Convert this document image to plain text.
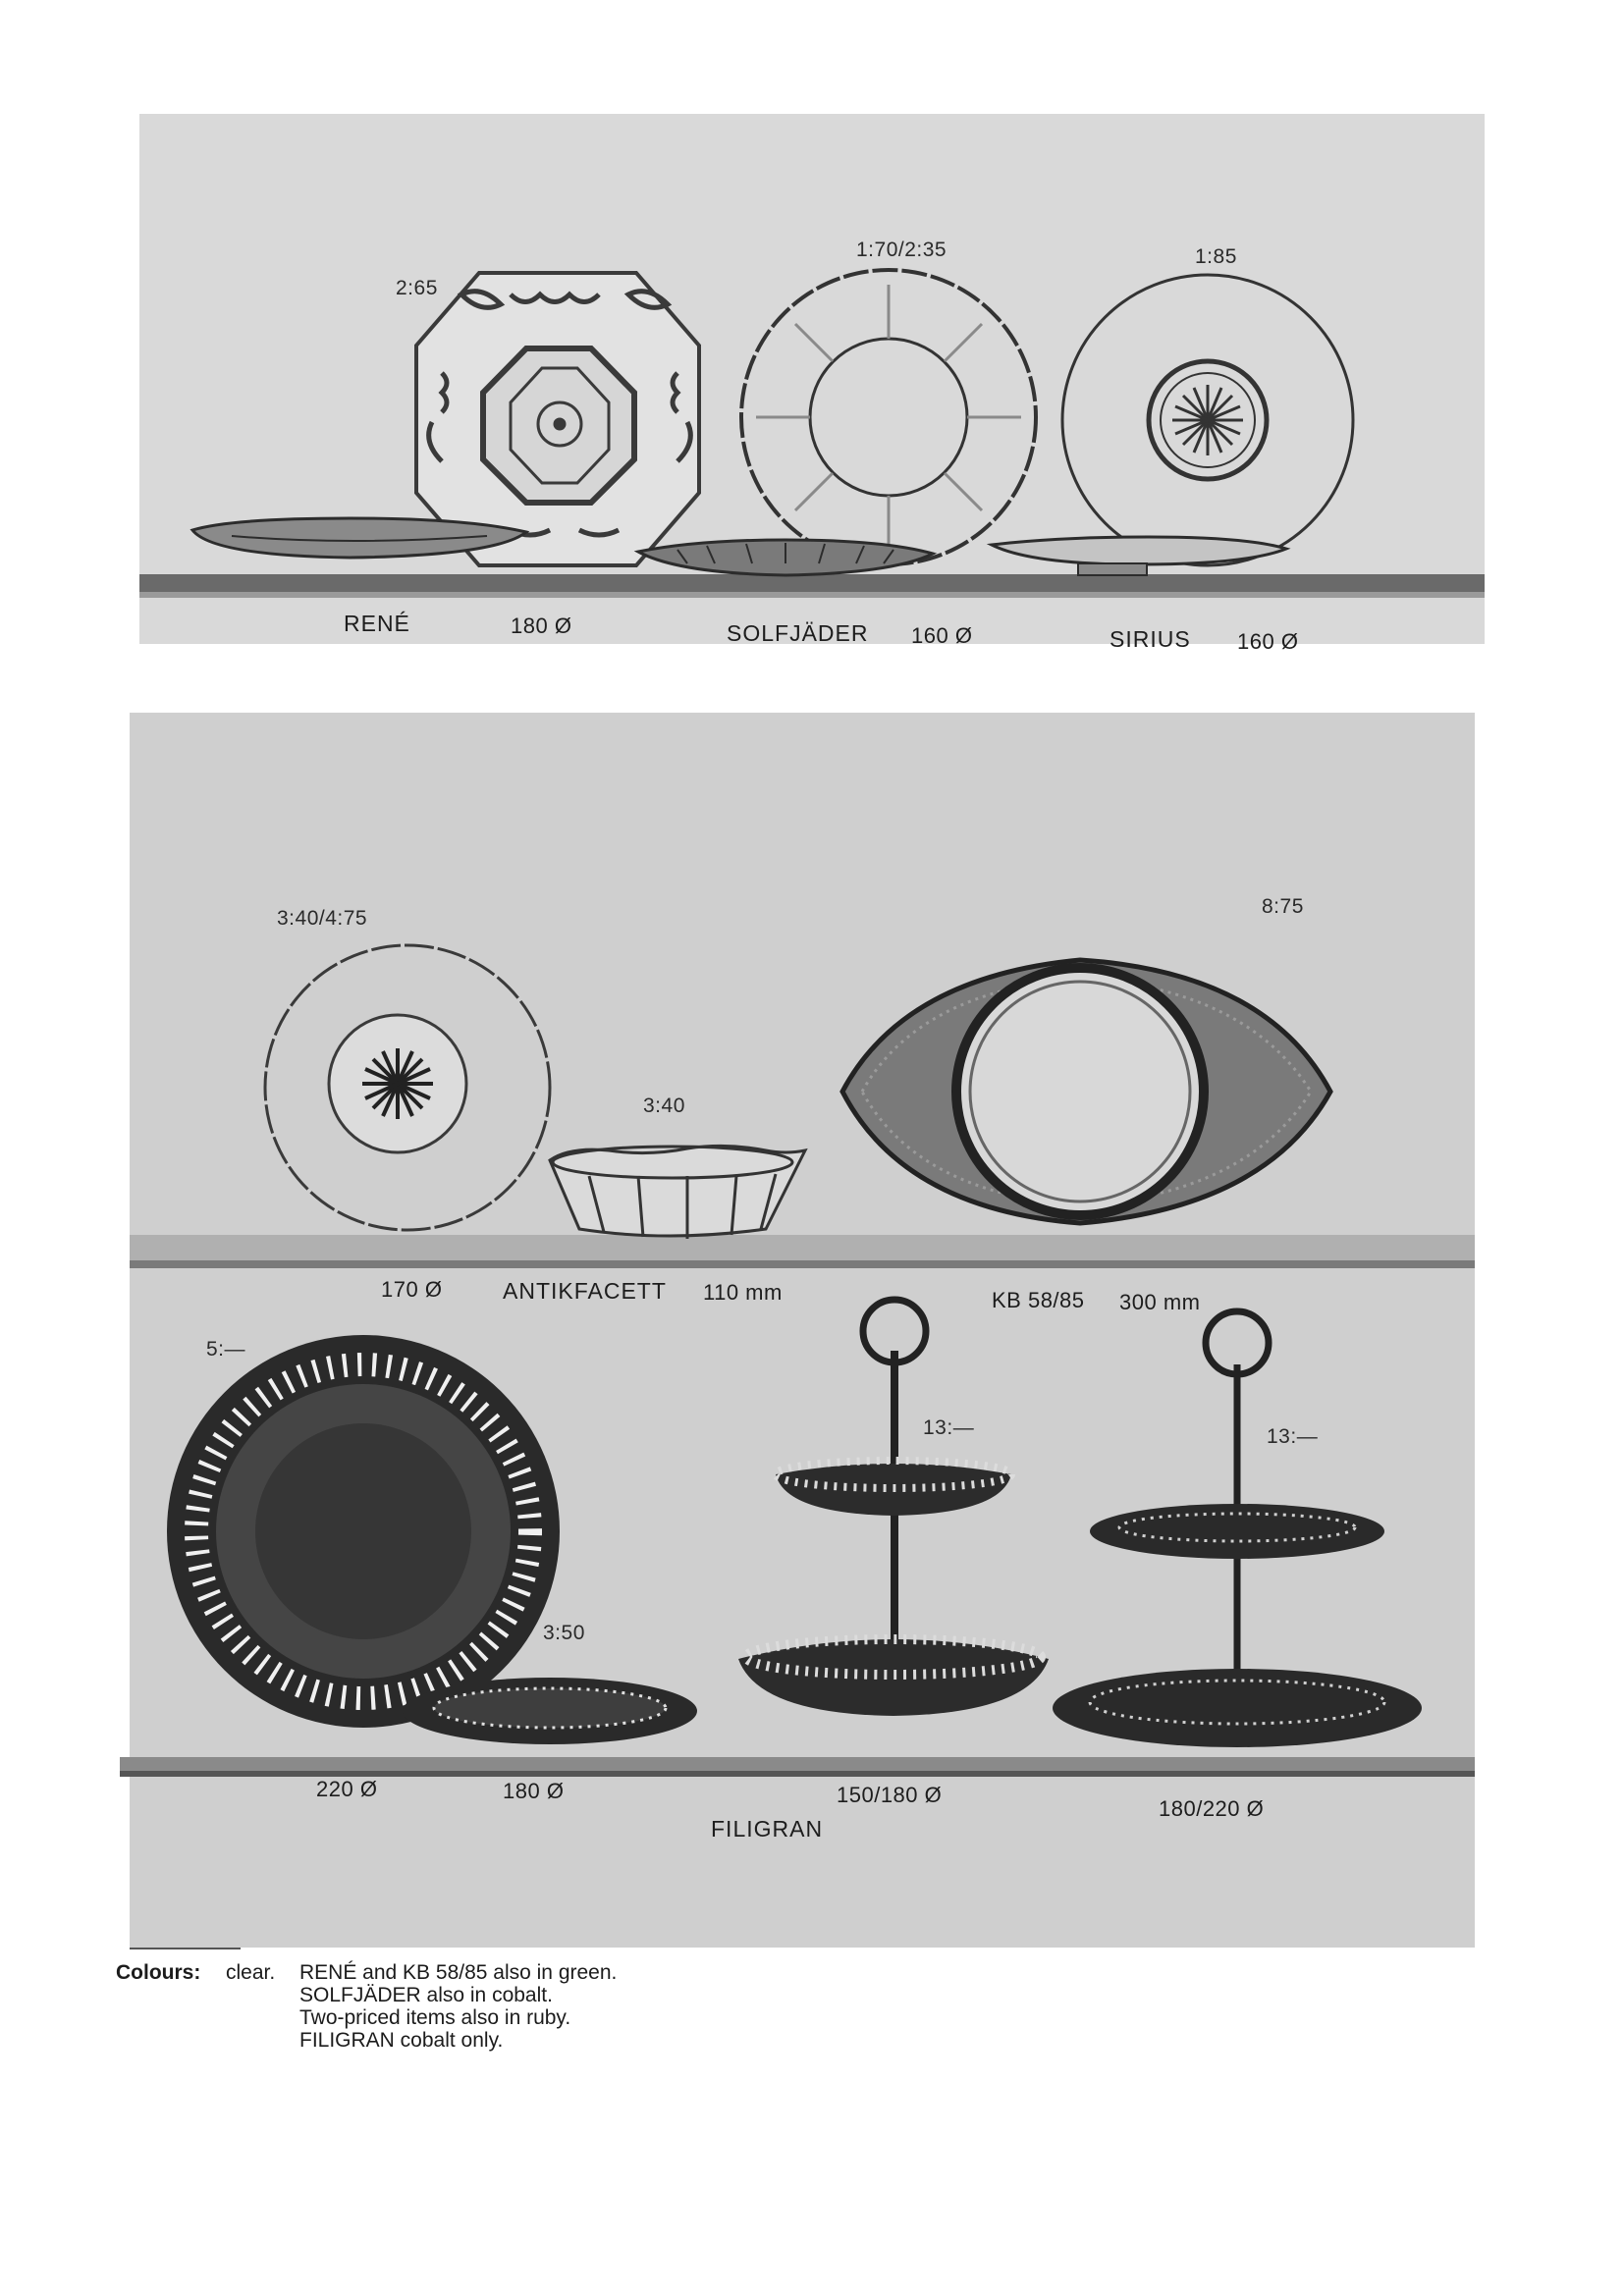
2:65
1:70/2:35	1:85
RENÉ	180 Ø	SOLFJÄDER 160 Ø	SIRIUS 160 Ø
3:40/4:75
3:40
8:75
170 Ø	ANTIKFACETT 110 mm	KB 58/85 300 mm
5:—
3:50
13:—	13:—
220 Ø	180 Ø	150/180 Ø
180/220 Ø
FILIGRAN
Colours: clear. RENÉ and KB 58/85 also in green.
SOLFJÄDER also in cobalt.
Two-priced items also in ruby.
FILIGRAN cobalt only.
